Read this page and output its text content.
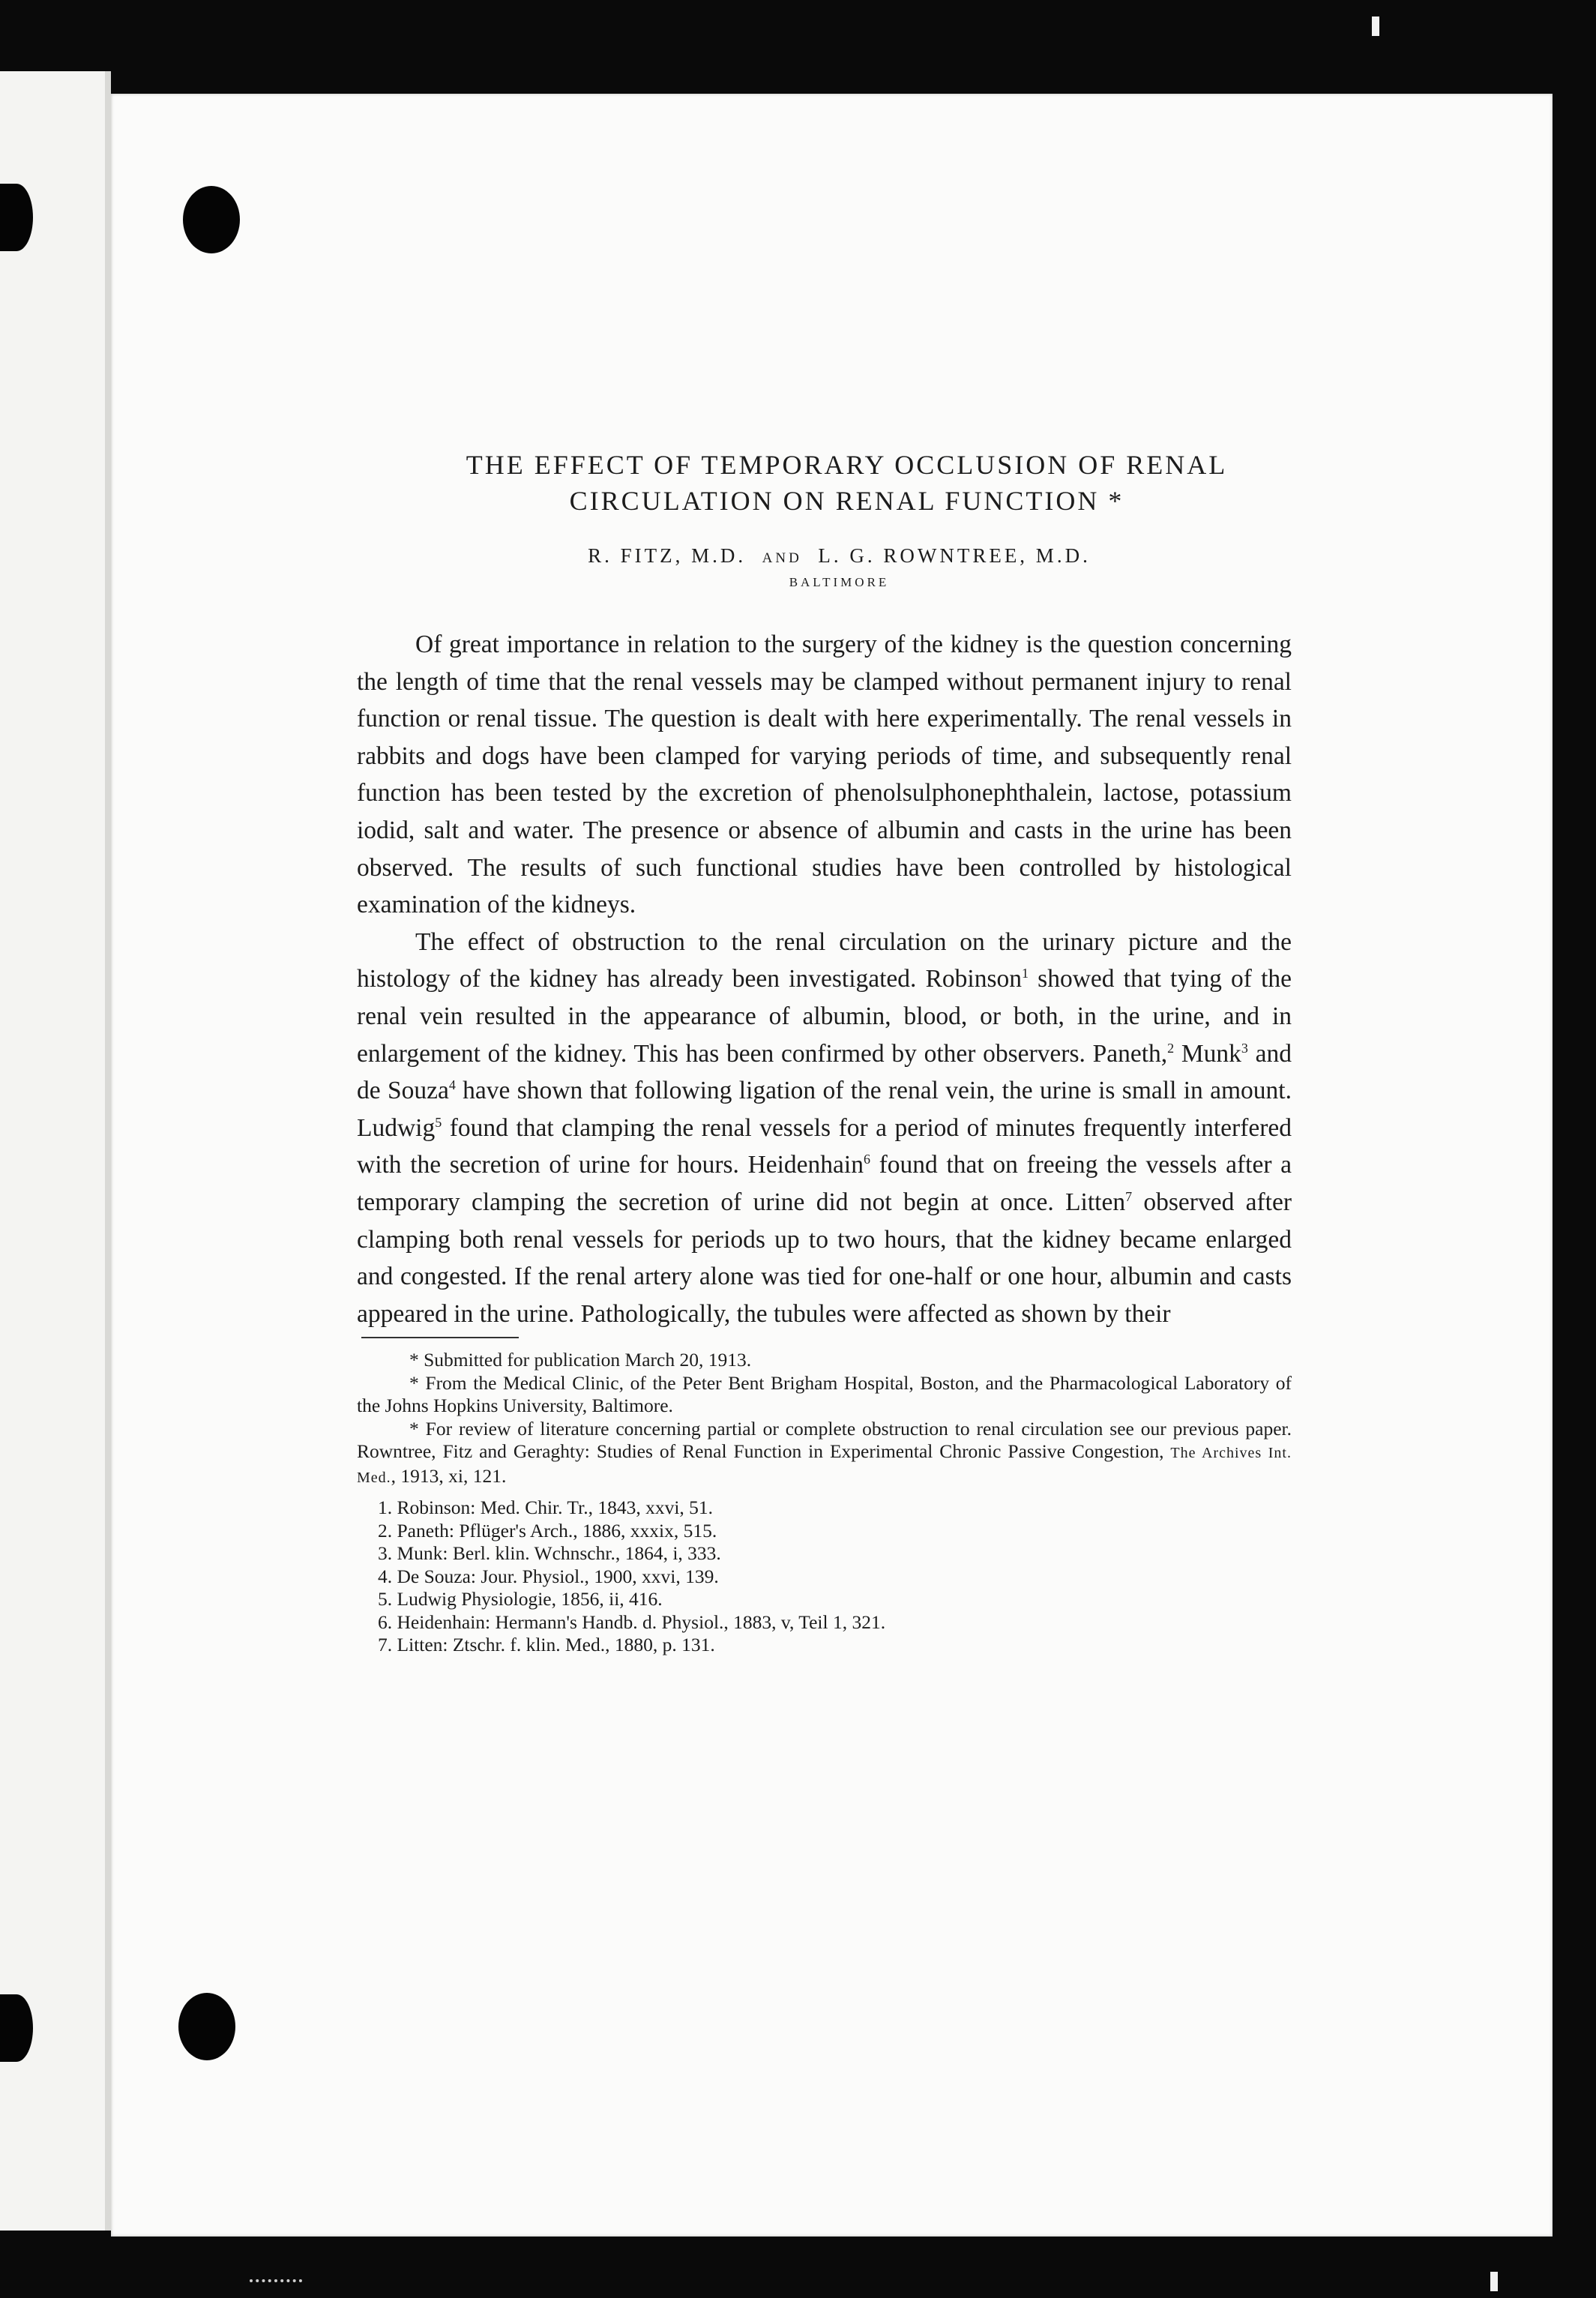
THE EFFECT OF TEMPORARY OCCLUSION OF RENAL
CIRCULATION ON RENAL FUNCTION *
R. FITZ, M.D. AND L. G. ROWNTREE, M.D.
BALTIMORE

Of great importance in relation to the surgery of the kidney is the question concerning the length of time that the renal vessels may be clamped without permanent injury to renal function or renal tissue. The question is dealt with here experimentally. The renal vessels in rabbits and dogs have been clamped for varying periods of time, and subsequently renal function has been tested by the excretion of phenolsulphonephthalein, lactose, potassium iodid, salt and water. The presence or absence of albumin and casts in the urine has been observed. The results of such functional studies have been controlled by histological examination of the kidneys.

The effect of obstruction to the renal circulation on the urinary picture and the histology of the kidney has already been investigated. Robinson$^1$ showed that tying of the renal vein resulted in the appearance of albumin, blood, or both, in the urine, and in enlargement of the kidney. This has been confirmed by other observers. Paneth,$^2$ Munk$^3$ and de Souza$^4$ have shown that following ligation of the renal vein, the urine is small in amount. Ludwig$^5$ found that clamping the renal vessels for a period of minutes frequently interfered with the secretion of urine for hours. Heidenhain$^6$ found that on freeing the vessels after a temporary clamping the secretion of urine did not begin at once. Litten$^7$ observed after clamping both renal vessels for periods up to two hours, that the kidney became enlarged and congested. If the renal artery alone was tied for one-half or one hour, albumin and casts appeared in the urine. Pathologically, the tubules were affected as shown by their

* Submitted for publication March 20, 1913.

* From the Medical Clinic, of the Peter Bent Brigham Hospital, Boston, and the Pharmacological Laboratory of the Johns Hopkins University, Baltimore.

* For review of literature concerning partial or complete obstruction to renal circulation see our previous paper. Rowntree, Fitz and Geraghty: Studies of Renal Function in Experimental Chronic Passive Congestion, The Archives Int. Med., 1913, xi, 121.

1. Robinson: Med. Chir. Tr., 1843, xxvi, 51.
2. Paneth: Pflüger's Arch., 1886, xxxix, 515.
3. Munk: Berl. klin. Wchnschr., 1864, i, 333.
4. De Souza: Jour. Physiol., 1900, xxvi, 139.
5. Ludwig Physiologie, 1856, ii, 416.
6. Heidenhain: Hermann's Handb. d. Physiol., 1883, v, Teil 1, 321.
7. Litten: Ztschr. f. klin. Med., 1880, p. 131.
